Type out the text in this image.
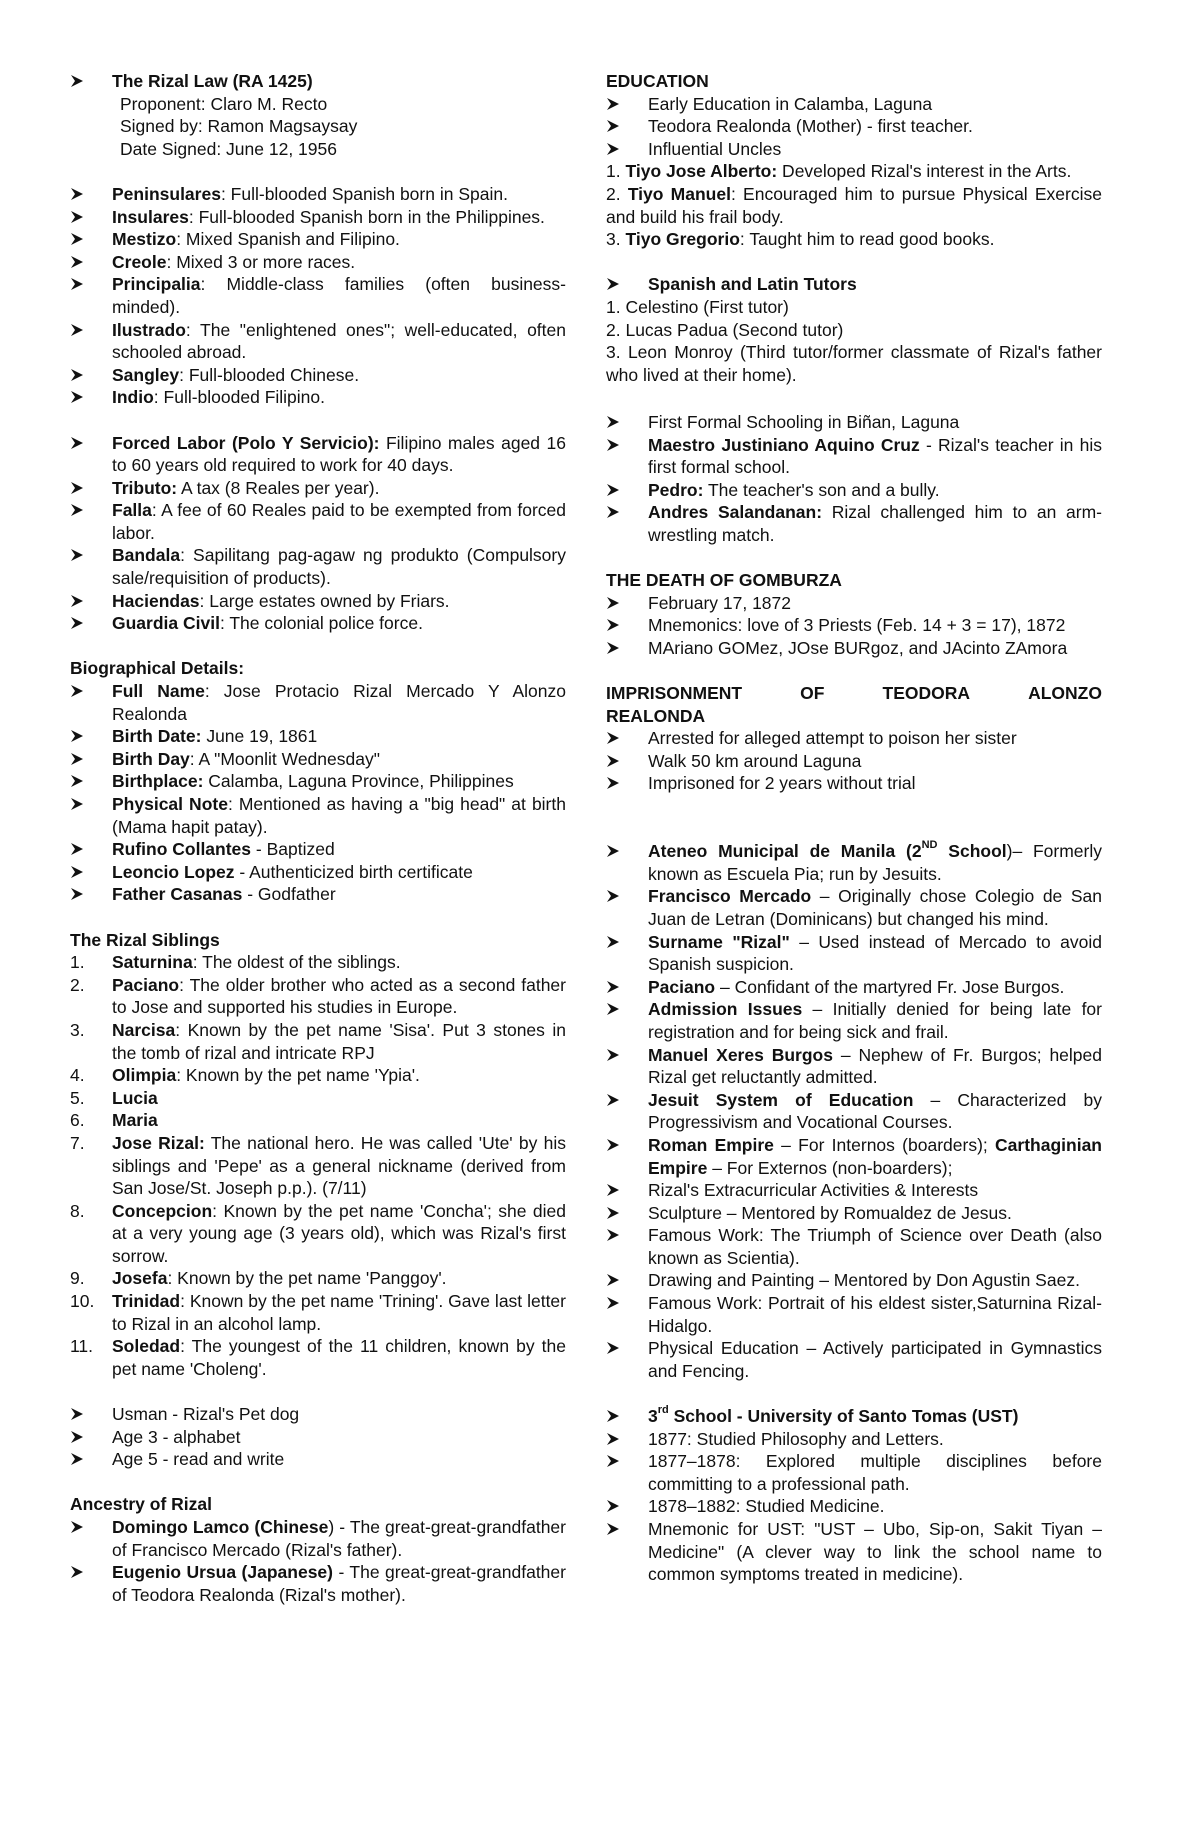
The Rizal Law (RA 1425)
Proponent: Claro M. Recto
Signed by: Ramon Magsaysay
Date Signed: June 12, 1956
Peninsulares: Full-blooded Spanish born in Spain.
Insulares: Full-blooded Spanish born in the Philippines.
Mestizo: Mixed Spanish and Filipino.
Creole: Mixed 3 or more races.
Principalia: Middle-class families (often business-minded).
Ilustrado: The "enlightened ones"; well-educated, often schooled abroad.
Sangley: Full-blooded Chinese.
Indio: Full-blooded Filipino.
Forced Labor (Polo Y Servicio): Filipino males aged 16 to 60 years old required to work for 40 days.
Tributo: A tax (8 Reales per year).
Falla: A fee of 60 Reales paid to be exempted from forced labor.
Bandala: Sapilitang pag-agaw ng produkto (Compulsory sale/requisition of products).
Haciendas: Large estates owned by Friars.
Guardia Civil: The colonial police force.
Biographical Details:
Full Name: Jose Protacio Rizal Mercado Y Alonzo Realonda
Birth Date: June 19, 1861
Birth Day: A "Moonlit Wednesday"
Birthplace: Calamba, Laguna Province, Philippines
Physical Note: Mentioned as having a "big head" at birth (Mama hapit patay).
Rufino Collantes - Baptized
Leoncio Lopez - Authenticized birth certificate
Father Casanas - Godfather
The Rizal Siblings
1. Saturnina: The oldest of the siblings.
2. Paciano: The older brother who acted as a second father to Jose and supported his studies in Europe.
3. Narcisa: Known by the pet name 'Sisa'. Put 3 stones in the tomb of rizal and intricate RPJ
4. Olimpia: Known by the pet name 'Ypia'.
5. Lucia
6. Maria
7. Jose Rizal: The national hero. He was called 'Ute' by his siblings and 'Pepe' as a general nickname (derived from San Jose/St. Joseph p.p.). (7/11)
8. Concepcion: Known by the pet name 'Concha'; she died at a very young age (3 years old), which was Rizal's first sorrow.
9. Josefa: Known by the pet name 'Panggoy'.
10. Trinidad: Known by the pet name 'Trining'. Gave last letter to Rizal in an alcohol lamp.
11. Soledad: The youngest of the 11 children, known by the pet name 'Choleng'.
Usman - Rizal's Pet dog
Age 3 - alphabet
Age 5 - read and write
Ancestry of Rizal
Domingo Lamco (Chinese) - The great-great-grandfather of Francisco Mercado (Rizal's father).
Eugenio Ursua (Japanese) - The great-great-grandfather of Teodora Realonda (Rizal's mother).
EDUCATION
Early Education in Calamba, Laguna
Teodora Realonda (Mother) - first teacher.
Influential Uncles
1. Tiyo Jose Alberto: Developed Rizal's interest in the Arts.
2. Tiyo Manuel: Encouraged him to pursue Physical Exercise and build his frail body.
3. Tiyo Gregorio: Taught him to read good books.
Spanish and Latin Tutors
1. Celestino (First tutor)
2. Lucas Padua (Second tutor)
3. Leon Monroy (Third tutor/former classmate of Rizal's father who lived at their home).
First Formal Schooling in Biñan, Laguna
Maestro Justiniano Aquino Cruz - Rizal's teacher in his first formal school.
Pedro: The teacher's son and a bully.
Andres Salandanan: Rizal challenged him to an arm-wrestling match.
THE DEATH OF GOMBURZA
February 17, 1872
Mnemonics: love of 3 Priests (Feb. 14 + 3 = 17), 1872
MAriano GOMez, JOse BURgoz, and JAcinto ZAmora
IMPRISONMENT	OF	TEODORA	ALONZO
REALONDA
Arrested for alleged attempt to poison her sister
Walk 50 km around Laguna
Imprisoned for 2 years without trial
Ateneo Municipal de Manila (2ND School)– Formerly known as Escuela Pia; run by Jesuits.
Francisco Mercado – Originally chose Colegio de San Juan de Letran (Dominicans) but changed his mind.
Surname "Rizal" – Used instead of Mercado to avoid Spanish suspicion.
Paciano – Confidant of the martyred Fr. Jose Burgos.
Admission Issues – Initially denied for being late for registration and for being sick and frail.
Manuel Xeres Burgos – Nephew of Fr. Burgos; helped Rizal get reluctantly admitted.
Jesuit System of Education – Characterized by Progressivism and Vocational Courses.
Roman Empire – For Internos (boarders); Carthaginian Empire – For Externos (non-boarders);
Rizal's Extracurricular Activities & Interests
Sculpture – Mentored by Romualdez de Jesus.
Famous Work: The Triumph of Science over Death (also known as Scientia).
Drawing and Painting – Mentored by Don Agustin Saez.
Famous Work: Portrait of his eldest sister,Saturnina Rizal-Hidalgo.
Physical Education – Actively participated in Gymnastics and Fencing.
3rd School - University of Santo Tomas (UST)
1877: Studied Philosophy and Letters.
1877–1878: Explored multiple disciplines before committing to a professional path.
1878–1882: Studied Medicine.
Mnemonic for UST: "UST – Ubo, Sip-on, Sakit Tiyan – Medicine" (A clever way to link the school name to common symptoms treated in medicine).
